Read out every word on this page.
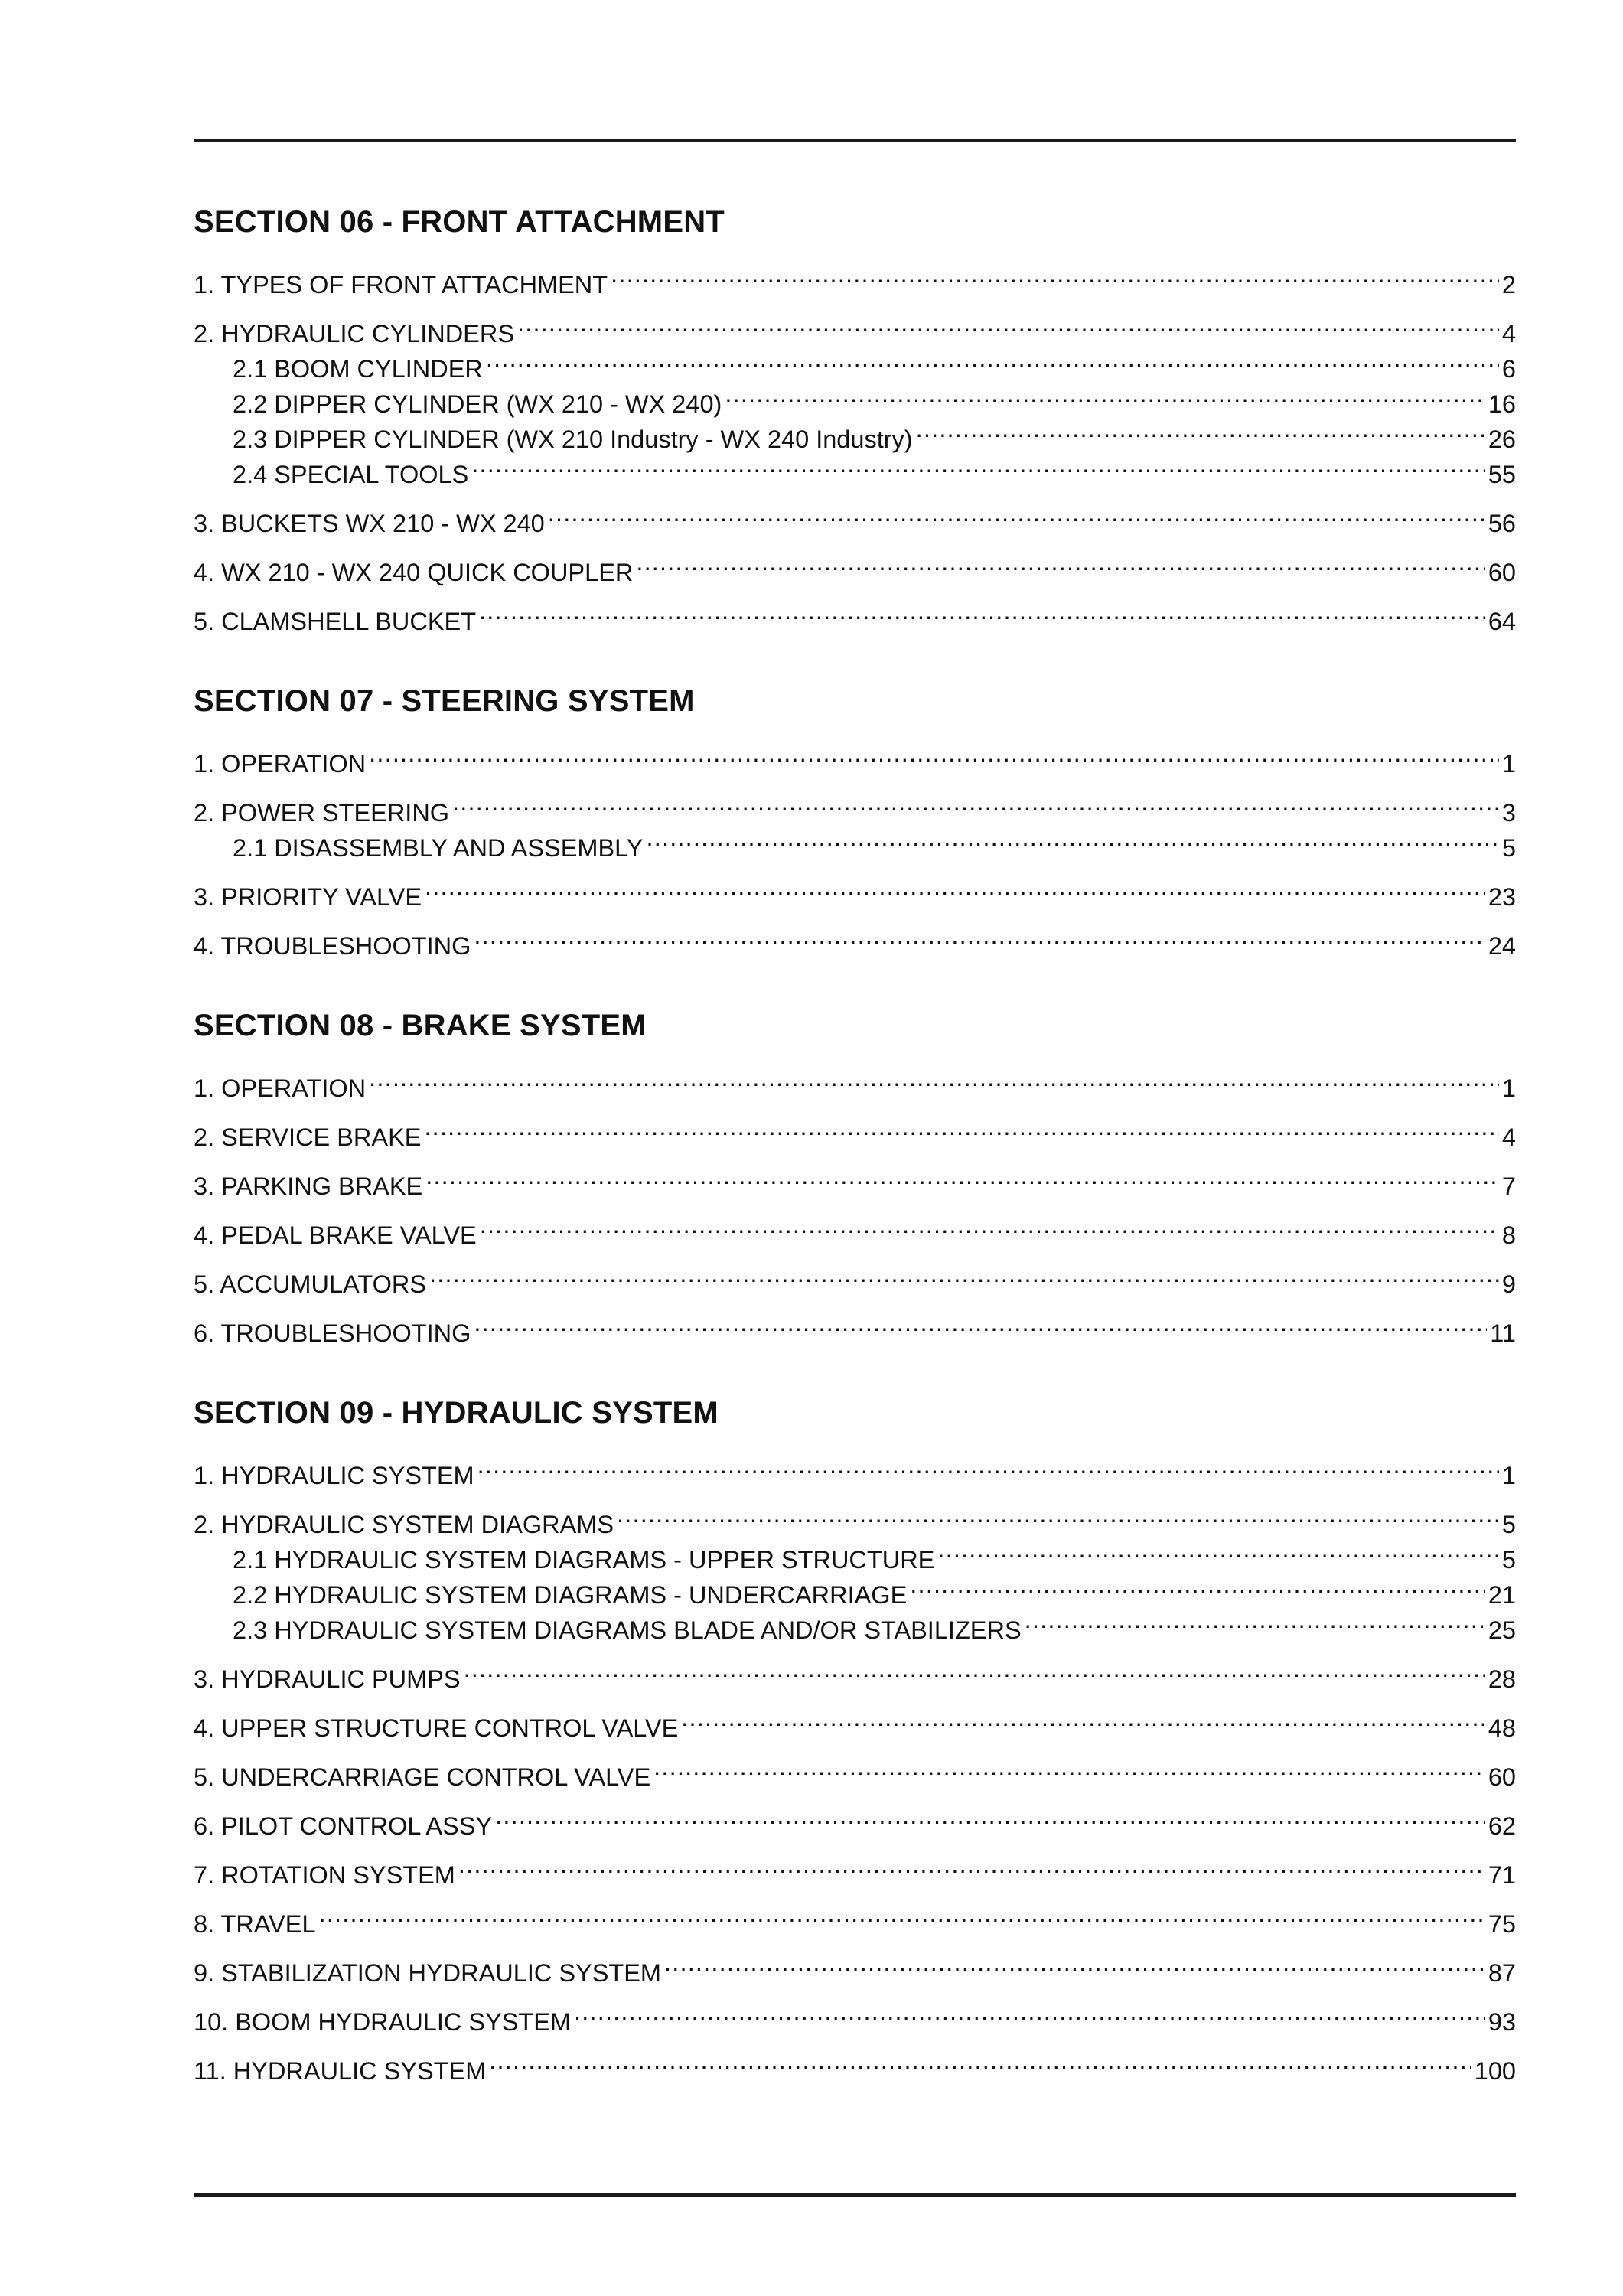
SECTION 06 - FRONT ATTACHMENT
1. TYPES OF FRONT ATTACHMENT .....	2
2. HYDRAULIC CYLINDERS .....	4
2.1 BOOM CYLINDER .....	6
2.2 DIPPER CYLINDER (WX 210 - WX 240) .....	16
2.3 DIPPER CYLINDER (WX 210 Industry - WX 240 Industry) .....	26
2.4 SPECIAL TOOLS .....	55
3. BUCKETS WX 210 - WX 240 .....	56
4. WX 210 - WX 240 QUICK COUPLER .....	60
5. CLAMSHELL BUCKET .....	64
SECTION 07 - STEERING SYSTEM
1. OPERATION .....	1
2. POWER STEERING .....	3
2.1 DISASSEMBLY AND ASSEMBLY .....	5
3. PRIORITY VALVE .....	23
4. TROUBLESHOOTING .....	24
SECTION 08 - BRAKE SYSTEM
1. OPERATION .....	1
2. SERVICE BRAKE .....	4
3. PARKING BRAKE .....	7
4. PEDAL BRAKE VALVE .....	8
5. ACCUMULATORS .....	9
6. TROUBLESHOOTING .....	11
SECTION 09 - HYDRAULIC SYSTEM
1. HYDRAULIC SYSTEM .....	1
2. HYDRAULIC SYSTEM DIAGRAMS .....	5
2.1 HYDRAULIC SYSTEM DIAGRAMS - UPPER STRUCTURE .....	5
2.2 HYDRAULIC SYSTEM DIAGRAMS - UNDERCARRIAGE .....	21
2.3 HYDRAULIC SYSTEM DIAGRAMS BLADE AND/OR STABILIZERS .....	25
3. HYDRAULIC PUMPS .....	28
4. UPPER STRUCTURE CONTROL VALVE .....	48
5. UNDERCARRIAGE CONTROL VALVE .....	60
6. PILOT CONTROL ASSY .....	62
7. ROTATION SYSTEM .....	71
8. TRAVEL .....	75
9. STABILIZATION HYDRAULIC SYSTEM .....	87
10. BOOM HYDRAULIC SYSTEM .....	93
11. HYDRAULIC SYSTEM .....	100
